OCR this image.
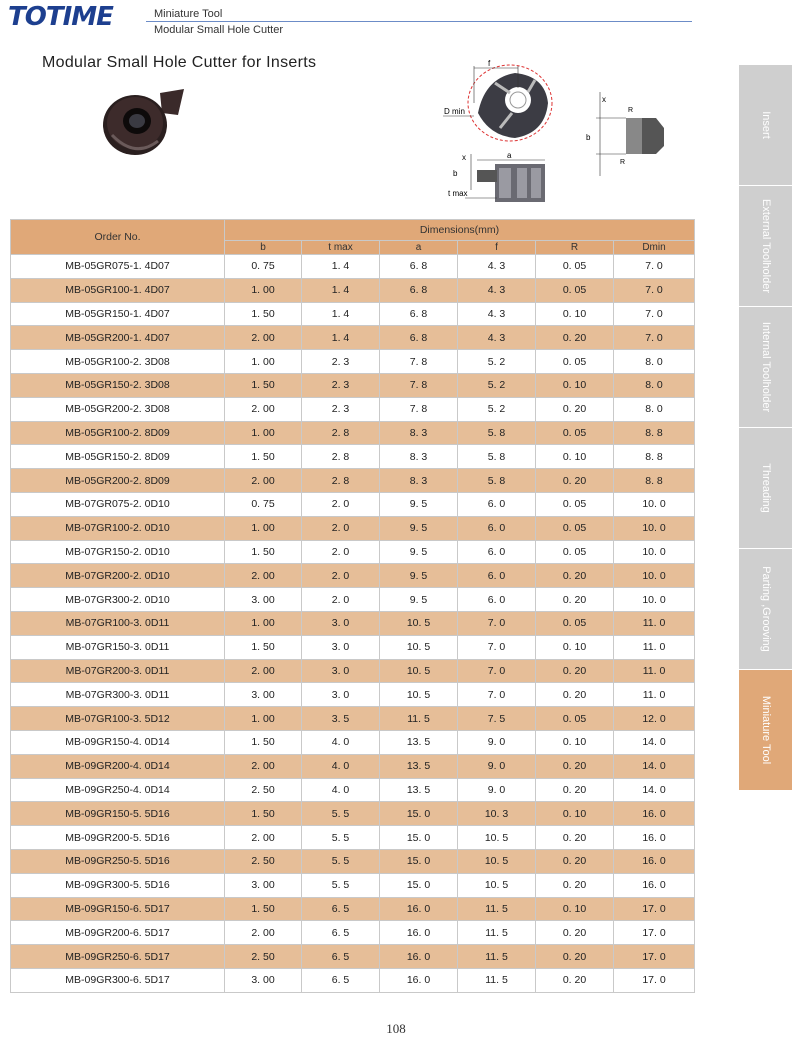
TOTIME	Miniature Tool
Modular Small Hole Cutter
Modular Small Hole Cutter for Inserts	f
D min
a
x
b
t max
x
b
R
R
Order No.	Dimensions(mm)					
	b	t max	a	f	R	Dmin
MB-05GR075-1. 4D07	0. 75	1. 4	6. 8	4. 3	0. 05	7. 0
MB-05GR100-1. 4D07	1. 00	1. 4	6. 8	4. 3	0. 05	7. 0
MB-05GR150-1. 4D07	1. 50	1. 4	6. 8	4. 3	0. 10	7. 0
MB-05GR200-1. 4D07	2. 00	1. 4	6. 8	4. 3	0. 20	7. 0
MB-05GR100-2. 3D08	1. 00	2. 3	7. 8	5. 2	0. 05	8. 0
MB-05GR150-2. 3D08	1. 50	2. 3	7. 8	5. 2	0. 10	8. 0
MB-05GR200-2. 3D08	2. 00	2. 3	7. 8	5. 2	0. 20	8. 0
MB-05GR100-2. 8D09	1. 00	2. 8	8. 3	5. 8	0. 05	8. 8
MB-05GR150-2. 8D09	1. 50	2. 8	8. 3	5. 8	0. 10	8. 8
MB-05GR200-2. 8D09	2. 00	2. 8	8. 3	5. 8	0. 20	8. 8
MB-07GR075-2. 0D10	0. 75	2. 0	9. 5	6. 0	0. 05	10. 0
MB-07GR100-2. 0D10	1. 00	2. 0	9. 5	6. 0	0. 05	10. 0
MB-07GR150-2. 0D10	1. 50	2. 0	9. 5	6. 0	0. 05	10. 0
MB-07GR200-2. 0D10	2. 00	2. 0	9. 5	6. 0	0. 20	10. 0
MB-07GR300-2. 0D10	3. 00	2. 0	9. 5	6. 0	0. 20	10. 0
MB-07GR100-3. 0D11	1. 00	3. 0	10. 5	7. 0	0. 05	11. 0
MB-07GR150-3. 0D11	1. 50	3. 0	10. 5	7. 0	0. 10	11. 0
MB-07GR200-3. 0D11	2. 00	3. 0	10. 5	7. 0	0. 20	11. 0
MB-07GR300-3. 0D11	3. 00	3. 0	10. 5	7. 0	0. 20	11. 0
MB-07GR100-3. 5D12	1. 00	3. 5	11. 5	7. 5	0. 05	12. 0
MB-09GR150-4. 0D14	1. 50	4. 0	13. 5	9. 0	0. 10	14. 0
MB-09GR200-4. 0D14	2. 00	4. 0	13. 5	9. 0	0. 20	14. 0
MB-09GR250-4. 0D14	2. 50	4. 0	13. 5	9. 0	0. 20	14. 0
MB-09GR150-5. 5D16	1. 50	5. 5	15. 0	10. 3	0. 10	16. 0
MB-09GR200-5. 5D16	2. 00	5. 5	15. 0	10. 5	0. 20	16. 0
MB-09GR250-5. 5D16	2. 50	5. 5	15. 0	10. 5	0. 20	16. 0
MB-09GR300-5. 5D16	3. 00	5. 5	15. 0	10. 5	0. 20	16. 0
MB-09GR150-6. 5D17	1. 50	6. 5	16. 0	11. 5	0. 10	17. 0
MB-09GR200-6. 5D17	2. 00	6. 5	16. 0	11. 5	0. 20	17. 0
MB-09GR250-6. 5D17	2. 50	6. 5	16. 0	11. 5	0. 20	17. 0
MB-09GR300-6. 5D17	3. 00	6. 5	16. 0	11. 5	0. 20	17. 0
Insert
External Toolholder
Internal Toolholder
Threading
Parting ,Grooving
Miniature Tool
108
